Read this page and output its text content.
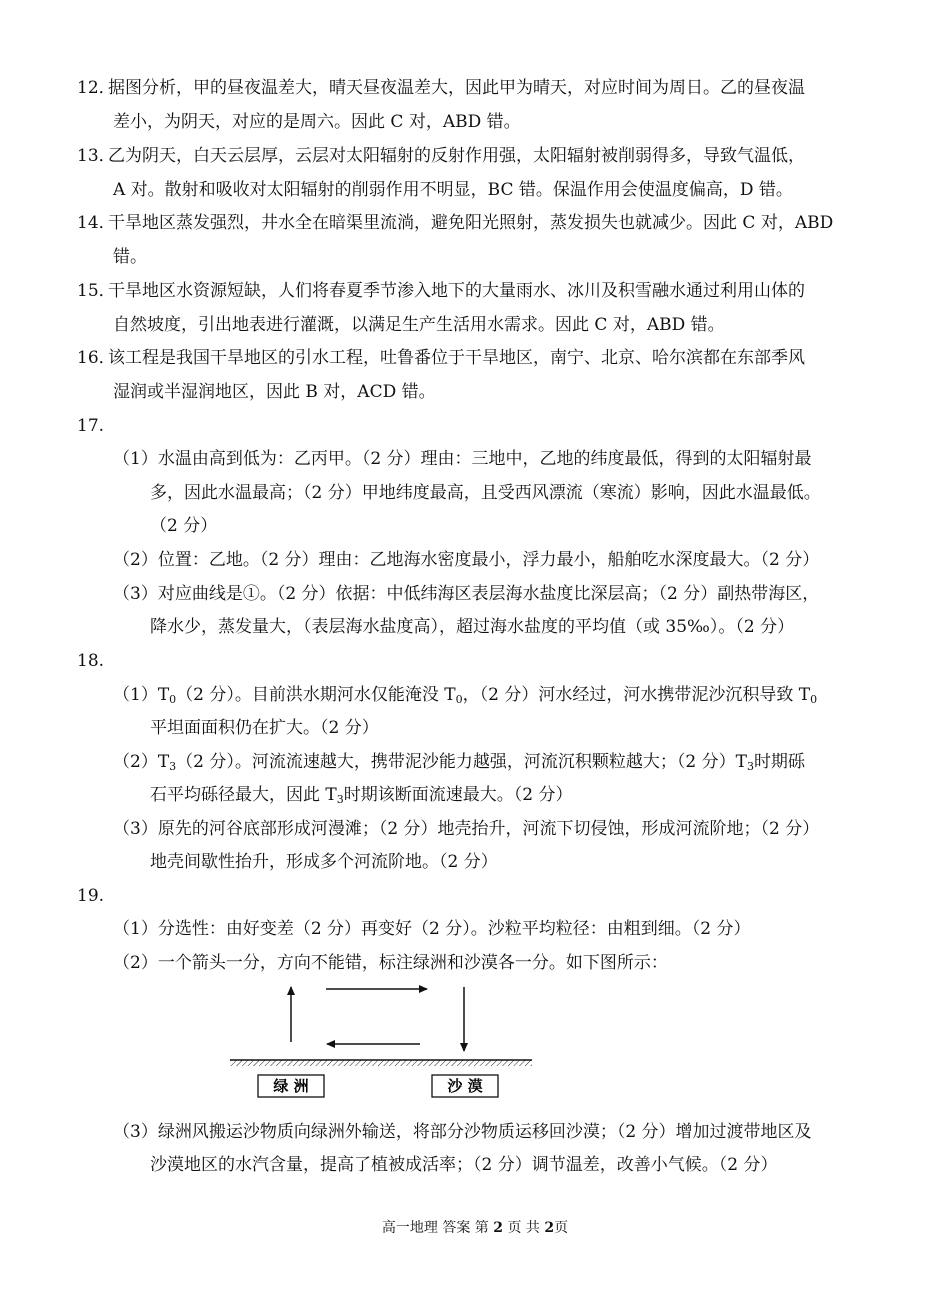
12．
据图分析，甲的昼夜温差大，晴天昼夜温差大，因此甲为晴天，对应时间为周日。乙的昼夜温
差小，为阴天，对应的是周六。因此 C 对，ABD 错。
13．
乙为阴天，白天云层厚，云层对太阳辐射的反射作用强，太阳辐射被削弱得多，导致气温低，
A 对。散射和吸收对太阳辐射的削弱作用不明显，BC 错。保温作用会使温度偏高，D 错。
14．
干旱地区蒸发强烈，井水全在暗渠里流淌，避免阳光照射，蒸发损失也就减少。因此 C 对，ABD
错。
15．
干旱地区水资源短缺，人们将春夏季节渗入地下的大量雨水、冰川及积雪融水通过利用山体的
自然坡度，引出地表进行灌溉，以满足生产生活用水需求。因此 C 对，ABD 错。
16．
该工程是我国干旱地区的引水工程，吐鲁番位于干旱地区，南宁、北京、哈尔滨都在东部季风
湿润或半湿润地区，因此 B 对，ACD 错。
17.
（1）水温由高到低为：乙丙甲。（2 分）理由：三地中，乙地的纬度最低，得到的太阳辐射最
多，因此水温最高；（2 分）甲地纬度最高，且受西风漂流（寒流）影响，因此水温最低。
（2 分）
（2）位置：乙地。（2 分）理由：乙地海水密度最小，浮力最小，船舶吃水深度最大。（2 分）
（3）对应曲线是①。（2 分）依据：中低纬海区表层海水盐度比深层高；（2 分）副热带海区，
降水少，蒸发量大，（表层海水盐度高），超过海水盐度的平均值（或 35‰）。（2 分）
18.
$(1)T_0(2$ 分）。目前洪水期河水仅能淹没 $T_0$，（2 分）河水经过，河水携带泥沙沉积导致 $T_0$
平坦面面积仍在扩大。（2 分）
$(2)T_3(2$ 分）。河流流速越大，携带泥沙能力越强，河流沉积颗粒越大；（2 分）$T_3$时期砾
石平均砾径最大，因此 $T_3$时期该断面流速最大。（2 分）
（3）原先的河谷底部形成河漫滩；（2 分）地壳抬升，河流下切侵蚀，形成河流阶地；（2 分）
地壳间歇性抬升，形成多个河流阶地。（2 分）
19.
（1）分选性：由好变差（2 分）再变好（2 分）。沙粒平均粒径：由粗到细。（2 分）
（2）一个箭头一分，方向不能错，标注绿洲和沙漠各一分。如下图所示：
绿 洲	沙 漠
（3）绿洲风搬运沙物质向绿洲外输送，将部分沙物质运移回沙漠；（2 分）增加过渡带地区及
沙漠地区的水汽含量，提高了植被成活率；（2 分）调节温差，改善小气候。（2 分）
高一地理 答案 第 2 页 共 2页
